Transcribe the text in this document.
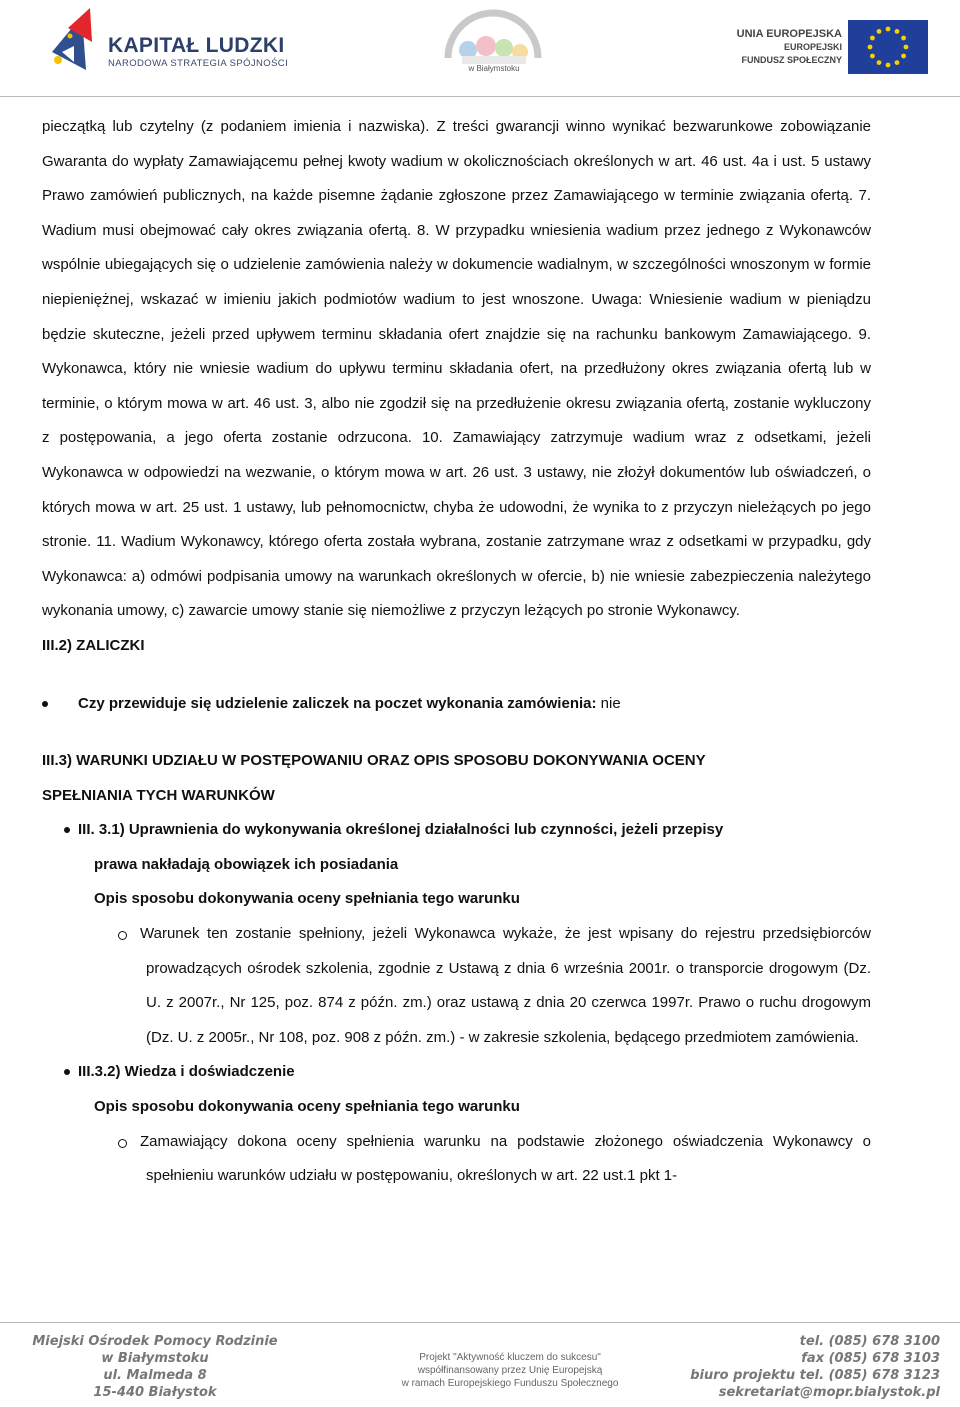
KAPITAŁ LUDZKI
NARODOWA STRATEGIA SPÓJNOŚCI	w Białymstoku
UNIA EUROPEJSKA
EUROPEJSKI
FUNDUSZ SPOŁECZNY

pieczątką lub czytelny (z podaniem imienia i nazwiska). Z treści gwarancji winno wynikać bezwarunkowe zobowiązanie Gwaranta do wypłaty Zamawiającemu pełnej kwoty wadium w okolicznościach określonych w art. 46 ust. 4a i ust. 5 ustawy Prawo zamówień publicznych, na każde pisemne żądanie zgłoszone przez Zamawiającego w terminie związania ofertą. 7. Wadium musi obejmować cały okres związania ofertą. 8. W przypadku wniesienia wadium przez jednego z Wykonawców wspólnie ubiegających się o udzielenie zamówienia należy w dokumencie wadialnym, w szczególności wnoszonym w formie niepieniężnej, wskazać w imieniu jakich podmiotów wadium to jest wnoszone. Uwaga: Wniesienie wadium w pieniądzu będzie skuteczne, jeżeli przed upływem terminu składania ofert znajdzie się na rachunku bankowym Zamawiającego. 9. Wykonawca, który nie wniesie wadium do upływu terminu składania ofert, na przedłużony okres związania ofertą lub w terminie, o którym mowa w art. 46 ust. 3, albo nie zgodził się na przedłużenie okresu związania ofertą, zostanie wykluczony z postępowania, a jego oferta zostanie odrzucona. 10. Zamawiający zatrzymuje wadium wraz z odsetkami, jeżeli Wykonawca w odpowiedzi na wezwanie, o którym mowa w art. 26 ust. 3 ustawy, nie złożył dokumentów lub oświadczeń, o których mowa w art. 25 ust. 1 ustawy, lub pełnomocnictw, chyba że udowodni, że wynika to z przyczyn nieleżących po jego stronie. 11. Wadium Wykonawcy, którego oferta została wybrana, zostanie zatrzymane wraz z odsetkami w przypadku, gdy Wykonawca: a) odmówi podpisania umowy na warunkach określonych w ofercie, b) nie wniesie zabezpieczenia należytego wykonania umowy, c) zawarcie umowy stanie się niemożliwe z przyczyn leżących po stronie Wykonawcy.

III.2) ZALICZKI

Czy przewiduje się udzielenie zaliczek na poczet wykonania zamówienia: nie

III.3) WARUNKI UDZIAŁU W POSTĘPOWANIU ORAZ OPIS SPOSOBU DOKONYWANIA OCENY

SPEŁNIANIA TYCH WARUNKÓW

III. 3.1) Uprawnienia do wykonywania określonej działalności lub czynności, jeżeli przepisy
prawa nakładają obowiązek ich posiadania
Opis sposobu dokonywania oceny spełniania tego warunku

Warunek ten zostanie spełniony, jeżeli Wykonawca wykaże, że jest wpisany do rejestru przedsiębiorców prowadzących ośrodek szkolenia, zgodnie z Ustawą z dnia 6 września 2001r. o transporcie drogowym (Dz. U. z 2007r., Nr 125, poz. 874 z późn. zm.) oraz ustawą z dnia 20 czerwca 1997r. Prawo o ruchu drogowym (Dz. U. z 2005r., Nr 108, poz. 908 z późn. zm.) - w zakresie szkolenia, będącego przedmiotem zamówienia.

III.3.2) Wiedza i doświadczenie
Opis sposobu dokonywania oceny spełniania tego warunku

Zamawiający dokona oceny spełnienia warunku na podstawie złożonego oświadczenia Wykonawcy o spełnieniu warunków udziału w postępowaniu, określonych w art. 22 ust.1 pkt 1-

Miejski Ośrodek Pomocy Rodzinie
w Białymstoku
ul. Malmeda 8
15-440 Białystok
Projekt "Aktywność kluczem do sukcesu"
współfinansowany przez Unię Europejską
w ramach Europejskiego Funduszu Społecznego
tel. (085) 678 3100
fax (085) 678 3103
biuro projektu tel. (085) 678 3123
sekretariat@mopr.bialystok.pl
